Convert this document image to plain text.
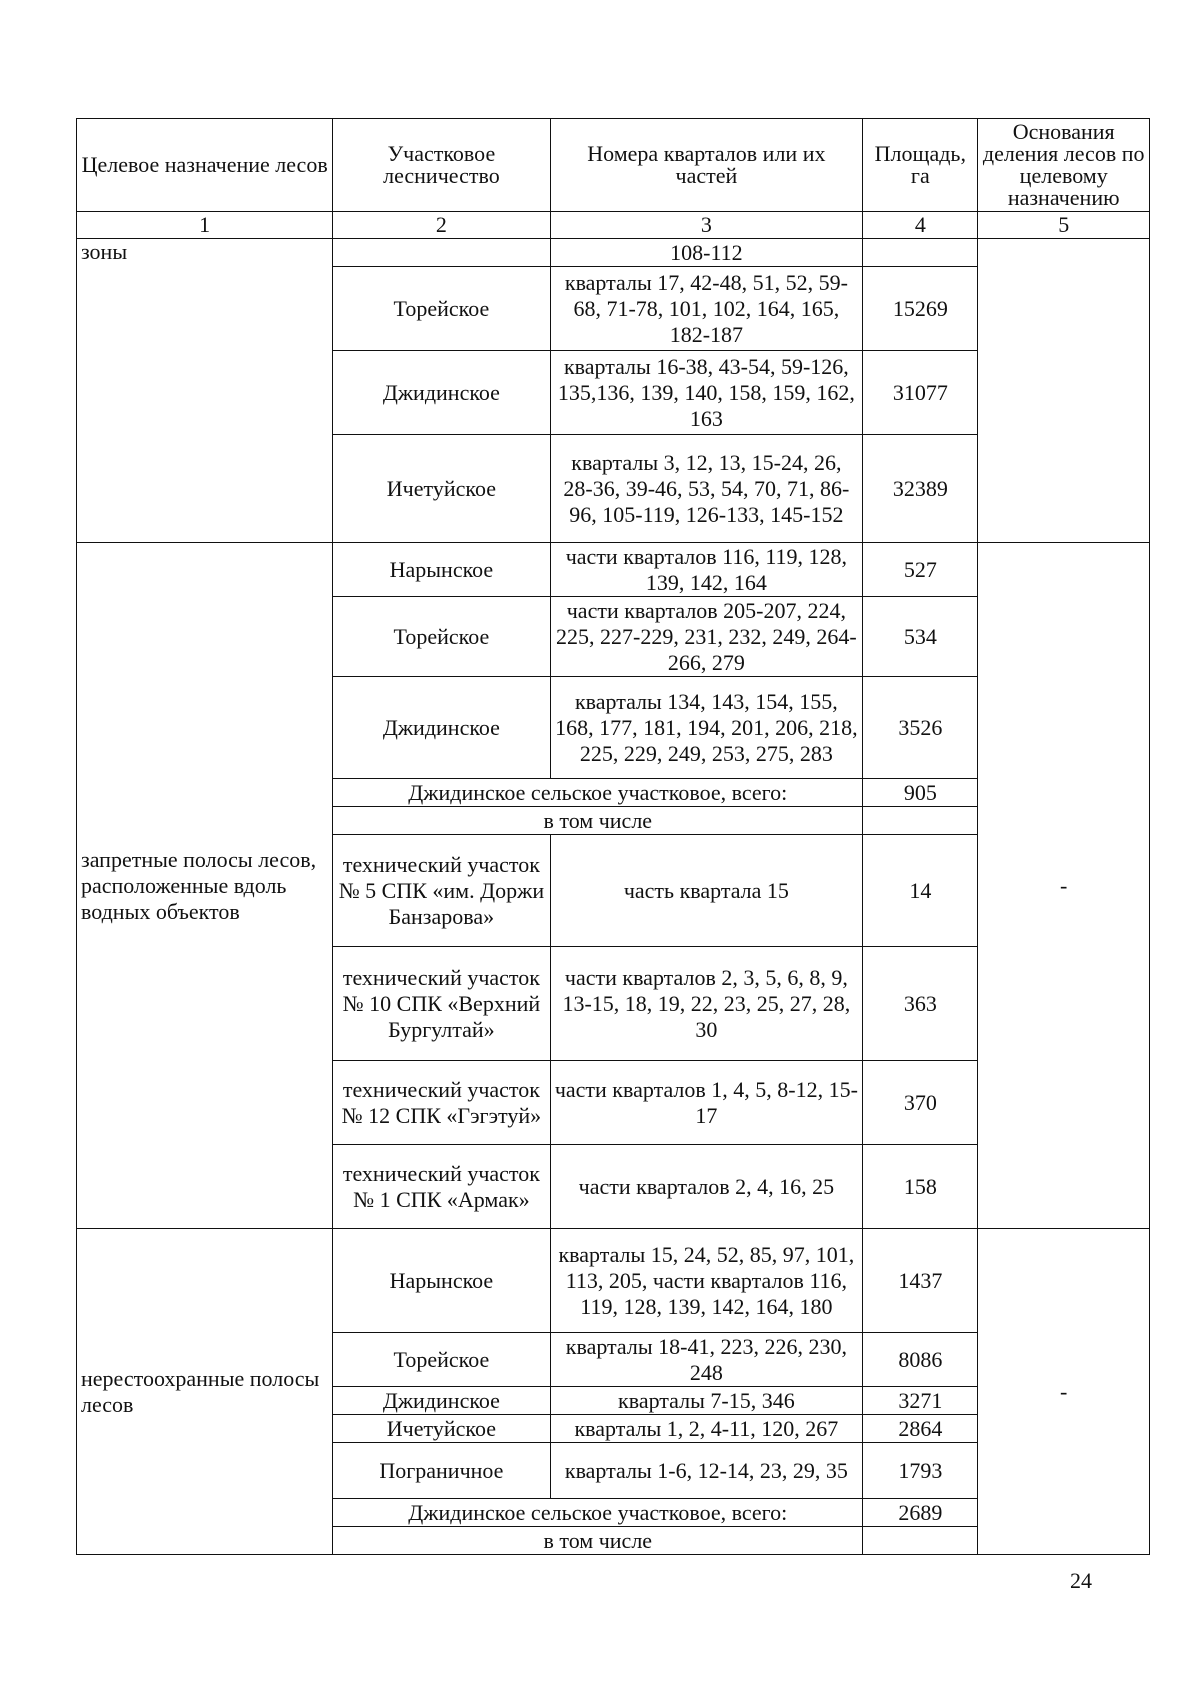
Целевое назначение лесов	Участковое лесничество	Номера кварталов или их частей	Площадь, га	Основания деления лесов по целевому назначению
1	2	3	4	5
зоны		108-112		
	Торейское	кварталы 17, 42-48, 51, 52, 59-68, 71-78, 101, 102, 164, 165, 182-187	15269	
	Джидинское	кварталы 16-38, 43-54, 59-126, 135,136, 139, 140, 158, 159, 162, 163	31077	
	Ичетуйское	кварталы 3, 12, 13, 15-24, 26, 28-36, 39-46, 53, 54, 70, 71, 86-96, 105-119, 126-133, 145-152	32389	
запретные полосы лесов, расположенные вдоль водных объектов	Нарынское	части кварталов 116, 119, 128, 139, 142, 164	527	-
	Торейское	части кварталов 205-207, 224, 225, 227-229, 231, 232, 249, 264-266, 279	534	
	Джидинское	кварталы 134, 143, 154, 155, 168, 177, 181, 194, 201, 206, 218, 225, 229, 249, 253, 275, 283	3526	
	Джидинское сельское участковое, всего:		905	
	в том числе			
	технический участок № 5 СПК «им. Доржи Банзарова»	часть квартала 15	14	
	технический участок № 10 СПК «Верхний Бургултай»	части кварталов 2, 3, 5, 6, 8, 9, 13-15, 18, 19, 22, 23, 25, 27, 28, 30	363	
	технический участок № 12 СПК «Гэгэтуй»	части кварталов 1, 4, 5, 8-12, 15-17	370	
	технический участок № 1 СПК «Армак»	части кварталов 2, 4, 16, 25	158	
нерестоохранные полосы лесов	Нарынское	кварталы 15, 24, 52, 85, 97, 101, 113, 205, части кварталов 116, 119, 128, 139, 142, 164, 180	1437	-
	Торейское	кварталы 18-41, 223, 226, 230, 248	8086	
	Джидинское	кварталы 7-15, 346	3271	
	Ичетуйское	кварталы 1, 2, 4-11, 120, 267	2864	
	Пограничное	кварталы 1-6, 12-14, 23, 29, 35	1793	
	Джидинское сельское участковое, всего:		2689	
	в том числе			
24
